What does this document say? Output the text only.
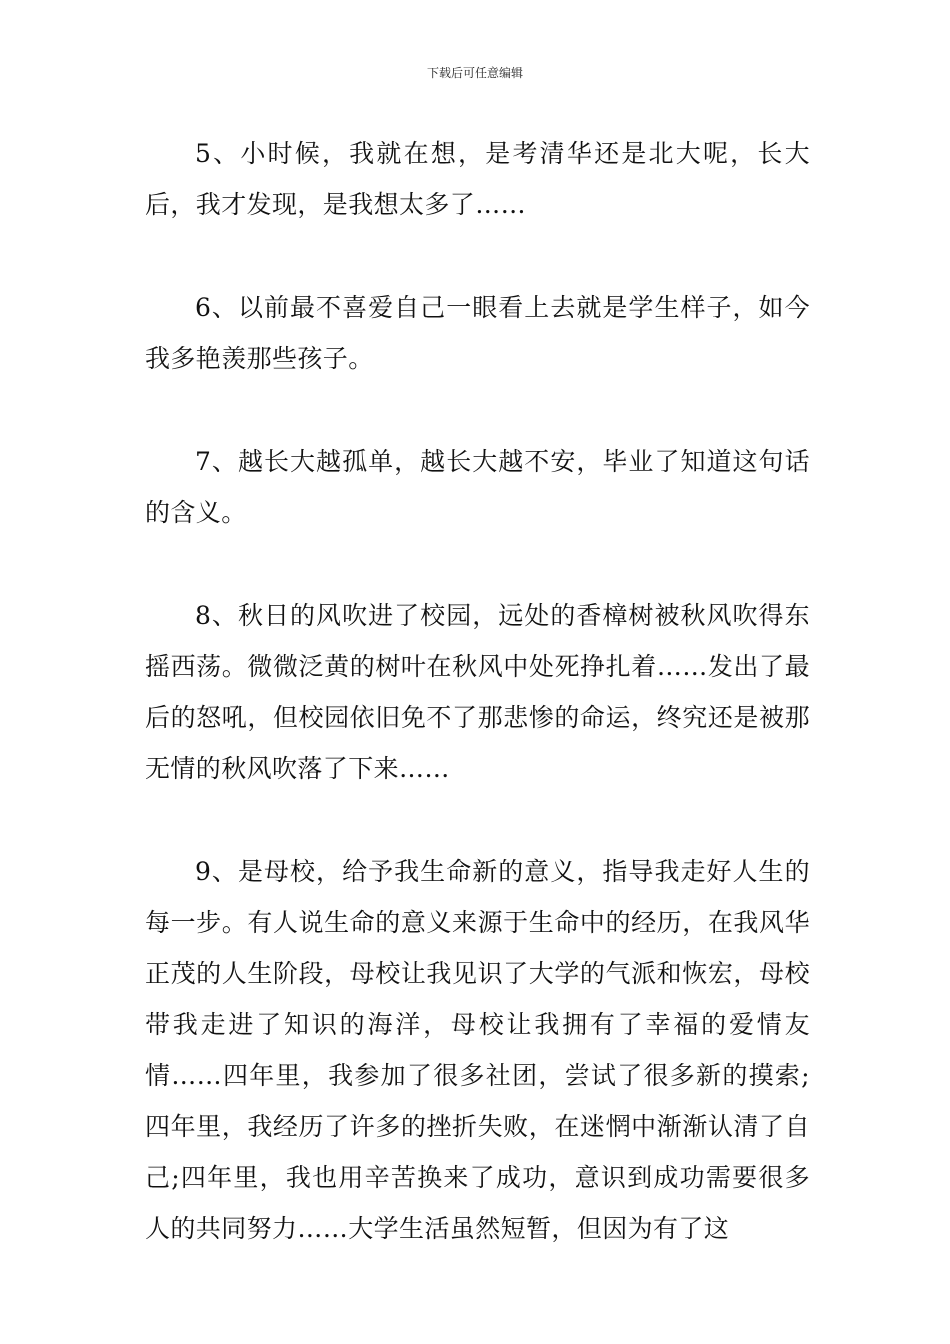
下载后可任意编辑

5、小时候，我就在想，是考清华还是北大呢，长大后，我才发现，是我想太多了……

6、以前最不喜爱自己一眼看上去就是学生样子，如今我多艳羡那些孩子。

7、越长大越孤单，越长大越不安，毕业了知道这句话的含义。

8、秋日的风吹进了校园，远处的香樟树被秋风吹得东摇西荡。微微泛黄的树叶在秋风中处死挣扎着……发出了最后的怒吼，但校园依旧免不了那悲惨的命运，终究还是被那无情的秋风吹落了下来……

9、是母校，给予我生命新的意义，指导我走好人生的每一步。有人说生命的意义来源于生命中的经历，在我风华正茂的人生阶段，母校让我见识了大学的气派和恢宏，母校带我走进了知识的海洋，母校让我拥有了幸福的爱情友情……四年里，我参加了很多社团，尝试了很多新的摸索;四年里，我经历了许多的挫折失败，在迷惘中渐渐认清了自己;四年里，我也用辛苦换来了成功，意识到成功需要很多人的共同努力……大学生活虽然短暂，但因为有了这
